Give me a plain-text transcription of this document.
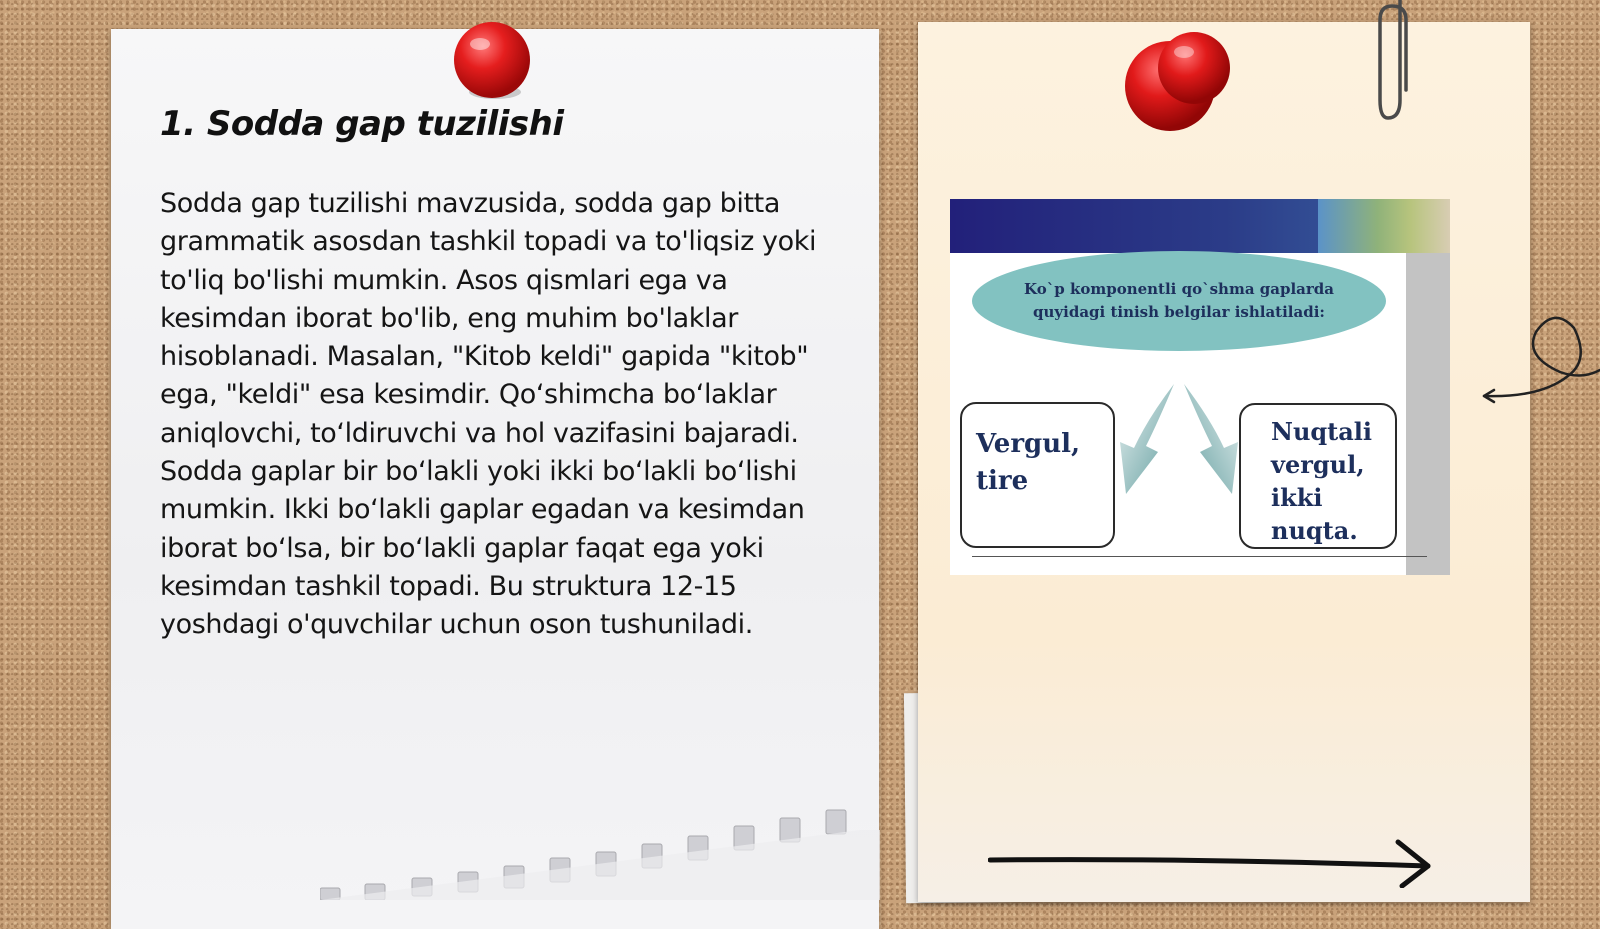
1. Sodda gap tuzilishi

Sodda gap tuzilishi mavzusida, sodda gap bitta grammatik asosdan tashkil topadi va to'liqsiz yoki to'liq bo'lishi mumkin. Asos qismlari ega va kesimdan iborat bo'lib, eng muhim bo'laklar hisoblanadi. Masalan, "Kitob keldi" gapida "kitob" ega, "keldi" esa kesimdir. Qo‘shimcha bo‘laklar aniqlovchi, to‘ldiruvchi va hol vazifasini bajaradi. Sodda gaplar bir bo‘lakli yoki ikki bo‘lakli bo‘lishi mumkin. Ikki bo‘lakli gaplar egadan va kesimdan iborat bo‘lsa, bir bo‘lakli gaplar faqat ega yoki kesimdan tashkil topadi. Bu struktura 12-15 yoshdagi o'quvchilar uchun oson tushuniladi.

Ko`p komponentli qo`shma gaplarda quyidagi tinish belgilar ishlatiladi:
Vergul, tire
Nuqtali vergul, ikki nuqta.
